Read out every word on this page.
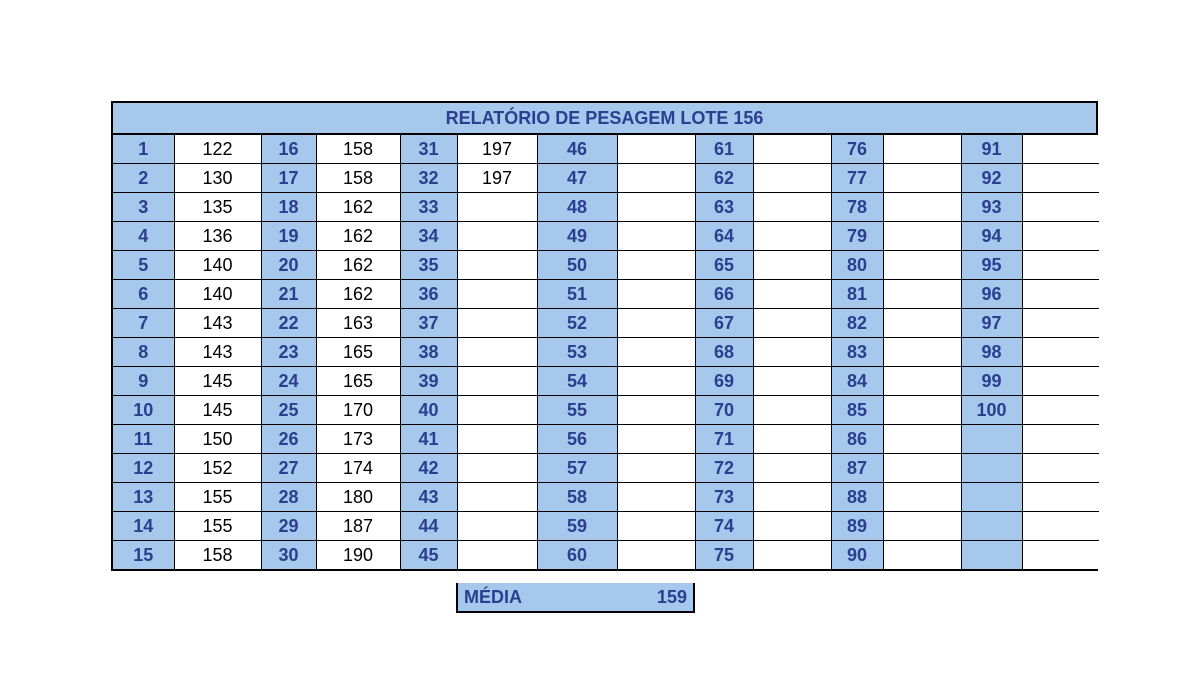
RELATÓRIO DE PESAGEM LOTE 156
1	122	16	158	31	197	46		61		76		91	
2	130	17	158	32	197	47		62		77		92	
3	135	18	162	33		48		63		78		93	
4	136	19	162	34		49		64		79		94	
5	140	20	162	35		50		65		80		95	
6	140	21	162	36		51		66		81		96	
7	143	22	163	37		52		67		82		97	
8	143	23	165	38		53		68		83		98	
9	145	24	165	39		54		69		84		99	
10	145	25	170	40		55		70		85		100	
11	150	26	173	41		56		71		86			
12	152	27	174	42		57		72		87			
13	155	28	180	43		58		73		88			
14	155	29	187	44		59		74		89			
15	158	30	190	45		60		75		90			
MÉDIA	159
